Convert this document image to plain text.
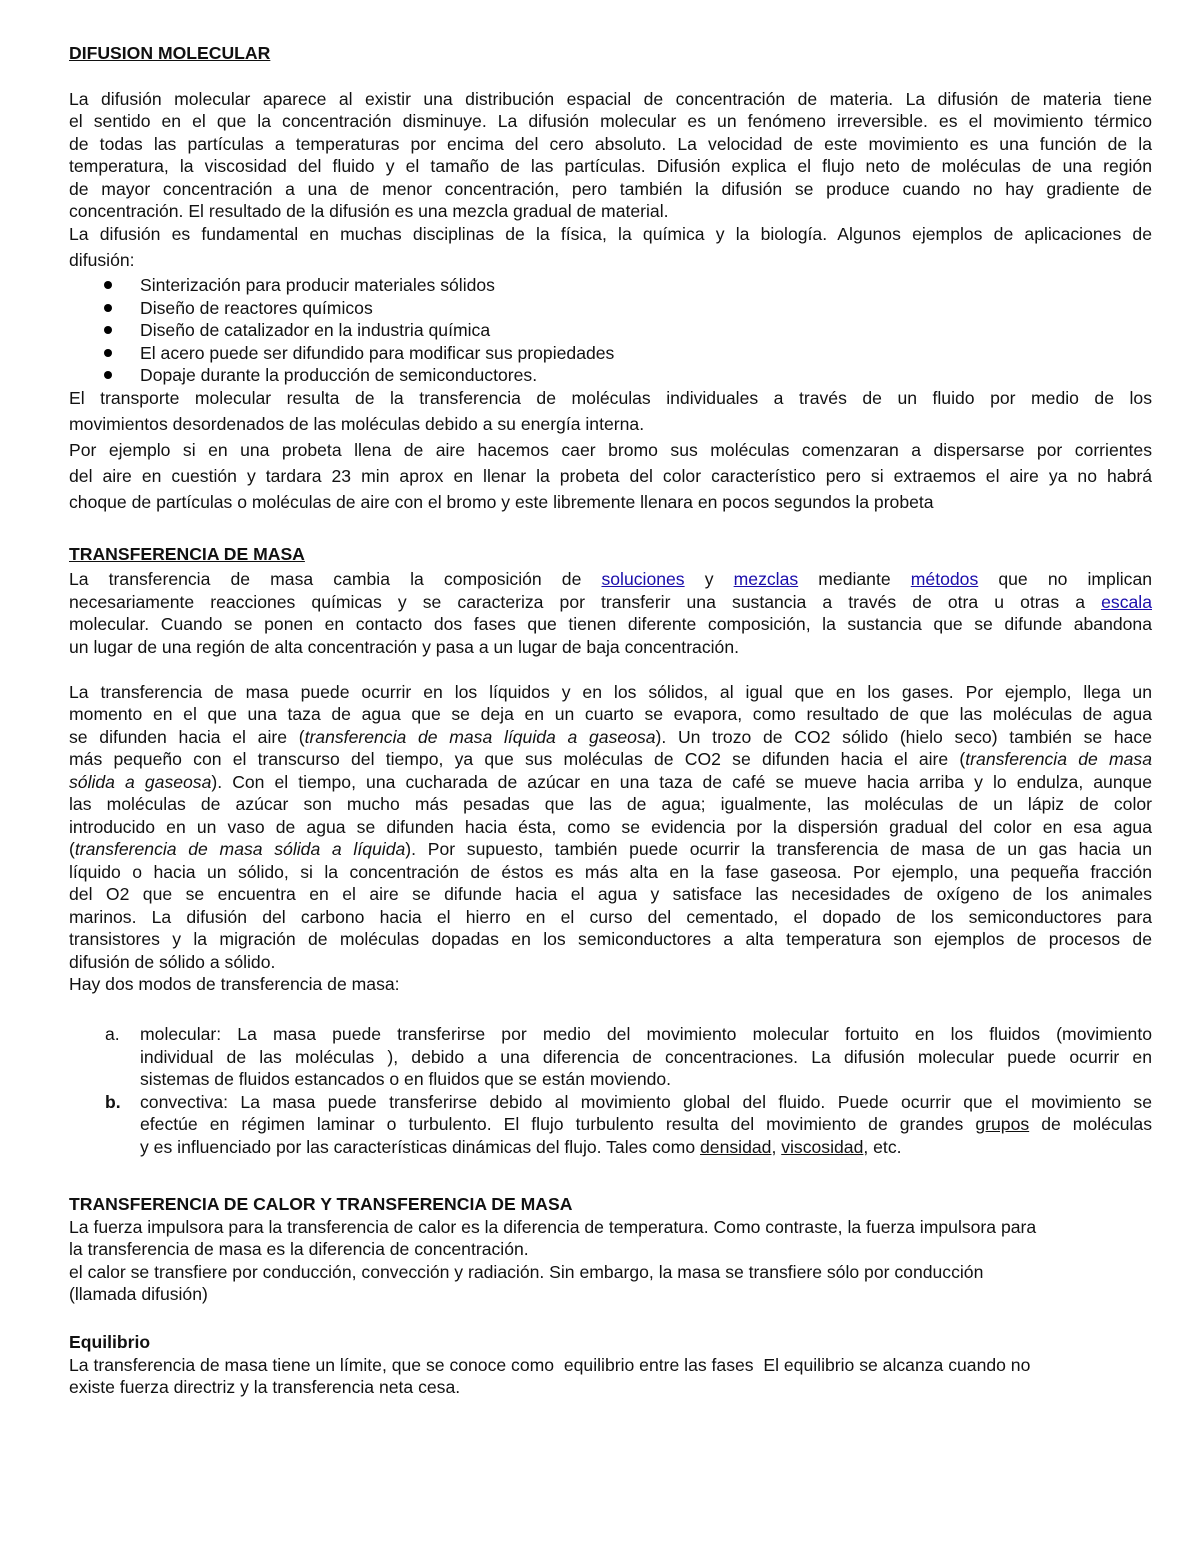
DIFUSION MOLECULAR
La difusión molecular aparece al existir una distribución espacial de concentración de materia. La difusión de materia tiene
el sentido en el que la concentración disminuye. La difusión molecular es un fenómeno irreversible. es el movimiento térmico
de todas las partículas a temperaturas por encima del cero absoluto. La velocidad de este movimiento es una función de la
temperatura, la viscosidad del fluido y el tamaño de las partículas. Difusión explica el flujo neto de moléculas de una región
de mayor concentración a una de menor concentración, pero también la difusión se produce cuando no hay gradiente de
concentración. El resultado de la difusión es una mezcla gradual de material.
La difusión es fundamental en muchas disciplinas de la física, la química y la biología. Algunos ejemplos de aplicaciones de
difusión:
Sinterización para producir materiales sólidos
Diseño de reactores químicos
Diseño de catalizador en la industria química
El acero puede ser difundido para modificar sus propiedades
Dopaje durante la producción de semiconductores.
El transporte molecular resulta de la transferencia de moléculas individuales a través de un fluido por medio de los
movimientos desordenados de las moléculas debido a su energía interna.
Por ejemplo si en una probeta llena de aire hacemos caer bromo sus moléculas comenzaran a dispersarse por corrientes
del aire en cuestión y tardara 23 min aprox en llenar la probeta del color característico pero si extraemos el aire ya no habrá
choque de partículas o moléculas de aire con el bromo y este libremente llenara en pocos segundos la probeta
TRANSFERENCIA DE MASA
La transferencia de masa cambia la composición de soluciones y mezclas mediante métodos que no implican
necesariamente reacciones químicas y se caracteriza por transferir una sustancia a través de otra u otras a escala
molecular. Cuando se ponen en contacto dos fases que tienen diferente composición, la sustancia que se difunde abandona
un lugar de una región de alta concentración y pasa a un lugar de baja concentración.
La transferencia de masa puede ocurrir en los líquidos y en los sólidos, al igual que en los gases. Por ejemplo, llega un
momento en el que una taza de agua que se deja en un cuarto se evapora, como resultado de que las moléculas de agua
se difunden hacia el aire (transferencia de masa líquida a gaseosa). Un trozo de CO2 sólido (hielo seco) también se hace
más pequeño con el transcurso del tiempo, ya que sus moléculas de CO2 se difunden hacia el aire (transferencia de masa
sólida a gaseosa). Con el tiempo, una cucharada de azúcar en una taza de café se mueve hacia arriba y lo endulza, aunque
las moléculas de azúcar son mucho más pesadas que las de agua; igualmente, las moléculas de un lápiz de color
introducido en un vaso de agua se difunden hacia ésta, como se evidencia por la dispersión gradual del color en esa agua
(transferencia de masa sólida a líquida). Por supuesto, también puede ocurrir la transferencia de masa de un gas hacia un
líquido o hacia un sólido, si la concentración de éstos es más alta en la fase gaseosa. Por ejemplo, una pequeña fracción
del O2 que se encuentra en el aire se difunde hacia el agua y satisface las necesidades de oxígeno de los animales
marinos. La difusión del carbono hacia el hierro en el curso del cementado, el dopado de los semiconductores para
transistores y la migración de moléculas dopadas en los semiconductores a alta temperatura son ejemplos de procesos de
difusión de sólido a sólido.
Hay dos modos de transferencia de masa:
a. molecular: La masa puede transferirse por medio del movimiento molecular fortuito en los fluidos (movimiento
individual de las moléculas ), debido a una diferencia de concentraciones. La difusión molecular puede ocurrir en
sistemas de fluidos estancados o en fluidos que se están moviendo.
b. convectiva: La masa puede transferirse debido al movimiento global del fluido. Puede ocurrir que el movimiento se
efectúe en régimen laminar o turbulento. El flujo turbulento resulta del movimiento de grandes grupos de moléculas
y es influenciado por las características dinámicas del flujo. Tales como densidad, viscosidad, etc.
TRANSFERENCIA DE CALOR Y TRANSFERENCIA DE MASA
La fuerza impulsora para la transferencia de calor es la diferencia de temperatura. Como contraste, la fuerza impulsora para
la transferencia de masa es la diferencia de concentración.
el calor se transfiere por conducción, convección y radiación. Sin embargo, la masa se transfiere sólo por conducción
(llamada difusión)
Equilibrio
La transferencia de masa tiene un límite, que se conoce como  equilibrio entre las fases  El equilibrio se alcanza cuando no
existe fuerza directriz y la transferencia neta cesa.
